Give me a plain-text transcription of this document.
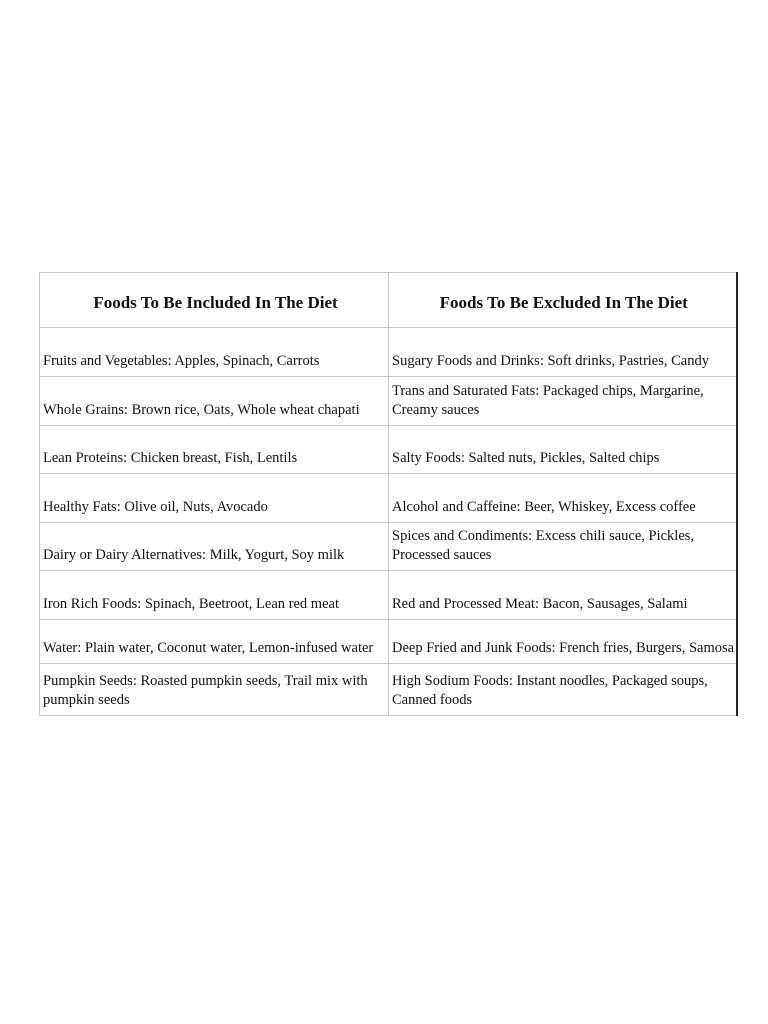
Foods To Be Included In The Diet	Foods To Be Excluded In The Diet
Fruits and Vegetables: Apples, Spinach, Carrots	Sugary Foods and Drinks: Soft drinks, Pastries, Candy
Whole Grains: Brown rice, Oats, Whole wheat chapati	Trans and Saturated Fats: Packaged chips, Margarine, Creamy sauces
Lean Proteins: Chicken breast, Fish, Lentils	Salty Foods: Salted nuts, Pickles, Salted chips
Healthy Fats: Olive oil, Nuts, Avocado	Alcohol and Caffeine: Beer, Whiskey, Excess coffee
Dairy or Dairy Alternatives: Milk, Yogurt, Soy milk	Spices and Condiments: Excess chili sauce, Pickles, Processed sauces
Iron Rich Foods: Spinach, Beetroot, Lean red meat	Red and Processed Meat: Bacon, Sausages, Salami
Water: Plain water, Coconut water, Lemon-infused water	Deep Fried and Junk Foods: French fries, Burgers, Samosa
Pumpkin Seeds: Roasted pumpkin seeds, Trail mix with pumpkin seeds	High Sodium Foods: Instant noodles, Packaged soups, Canned foods
